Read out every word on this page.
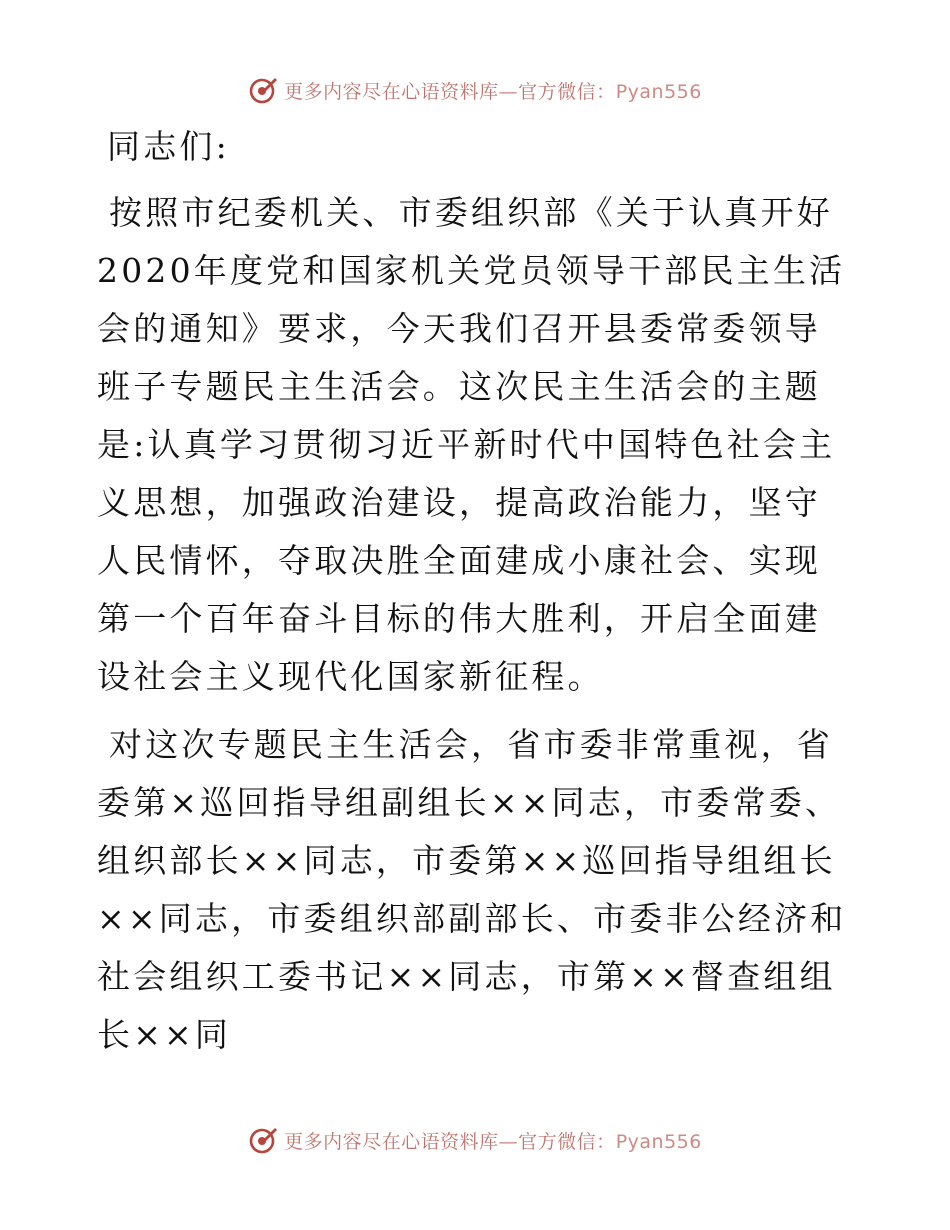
更多内容尽在心语资料库—官方微信：Pyan556

同志们:

按照市纪委机关、市委组织部《关于认真开好2020年度党和国家机关党员领导干部民主生活会的通知》要求，今天我们召开县委常委领导班子专题民主生活会。这次民主生活会的主题是:认真学习贯彻习近平新时代中国特色社会主义思想，加强政治建设，提高政治能力，坚守人民情怀，夺取决胜全面建成小康社会、实现第一个百年奋斗目标的伟大胜利，开启全面建设社会主义现代化国家新征程。

对这次专题民主生活会，省市委非常重视，省委第×巡回指导组副组长××同志，市委常委、组织部长××同志，市委第××巡回指导组组长××同志，市委组织部副部长、市委非公经济和社会组织工委书记××同志，市第××督查组组长××同

更多内容尽在心语资料库—官方微信：Pyan556
